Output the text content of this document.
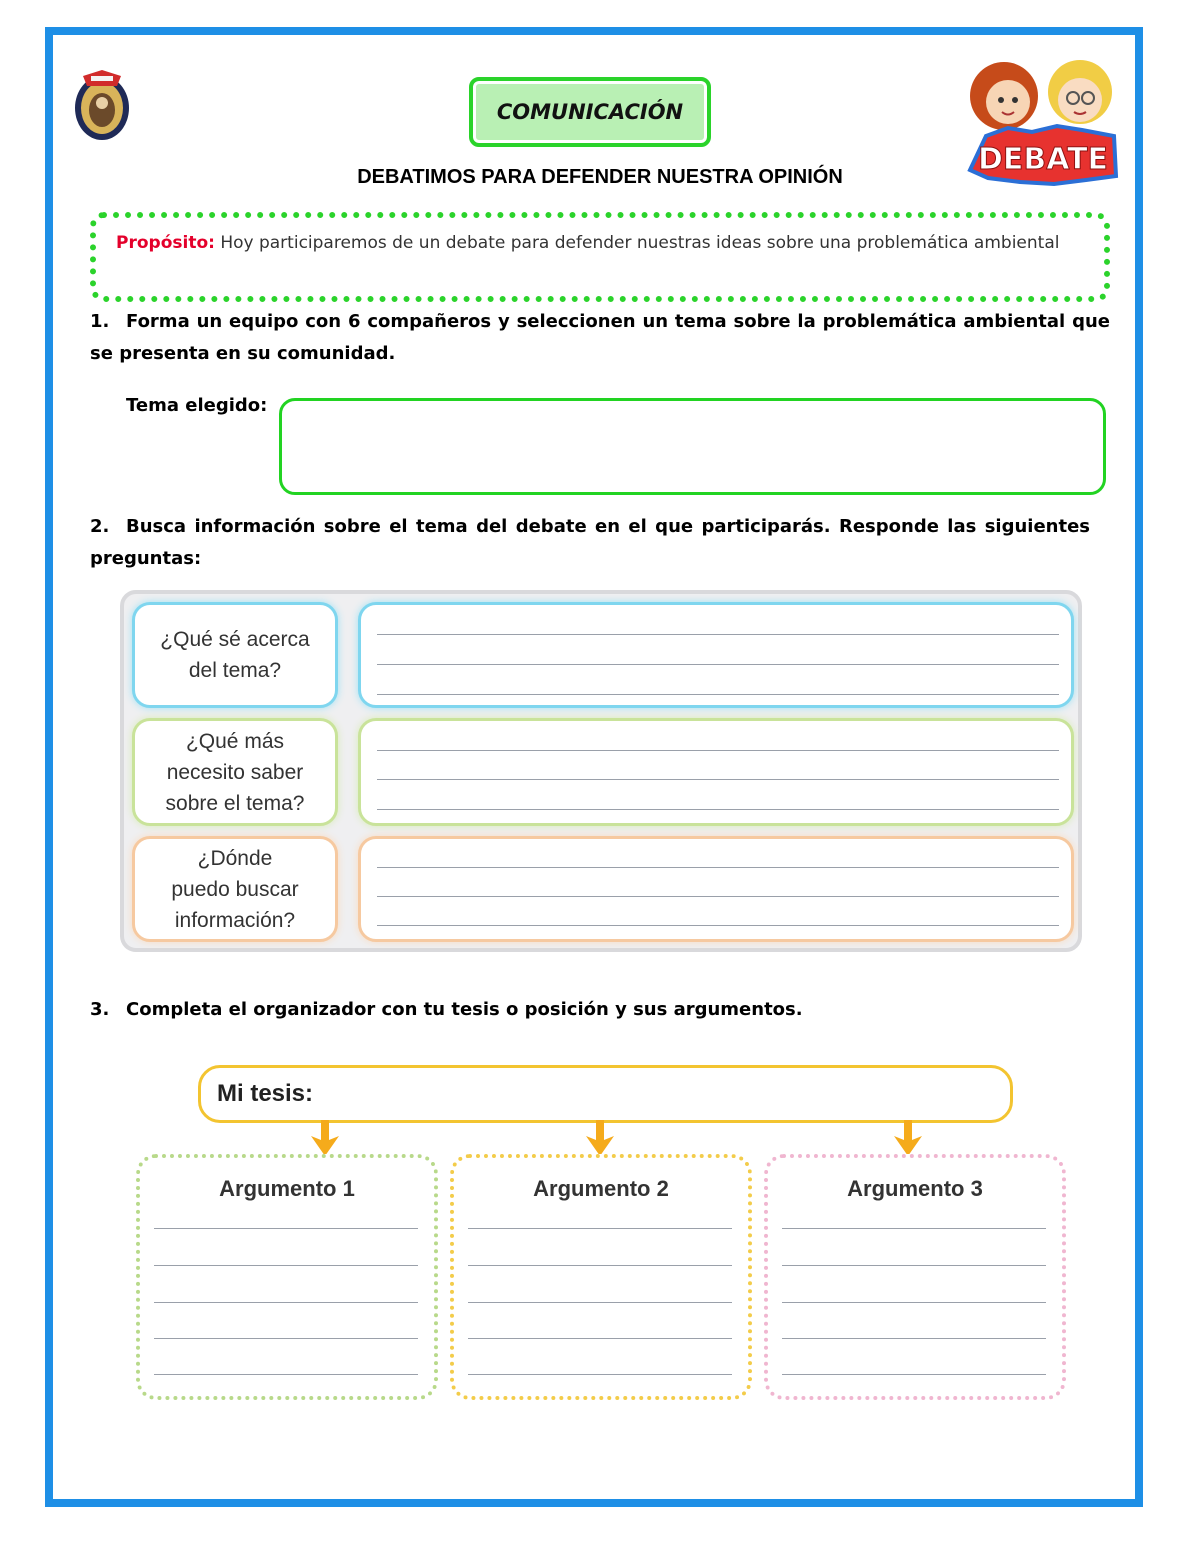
COMUNICACIÓN
DEBATIMOS PARA DEFENDER NUESTRA OPINIÓN	DEBATE
Propósito: Hoy participaremos de un debate para defender nuestras ideas sobre una problemática ambiental
1. Forma un equipo con 6 compañeros y seleccionen un tema sobre la problemática ambiental que se presenta en su comunidad.
Tema elegido:
2. Busca información sobre el tema del debate en el que participarás. Responde las siguientes preguntas:
¿Qué sé acerca
del tema?
¿Qué más
necesito saber
sobre el tema?
¿Dónde
puedo buscar
información?
3. Completa el organizador con tu tesis o posición y sus argumentos.
Mi tesis:
Argumento 1	Argumento 2	Argumento 3
